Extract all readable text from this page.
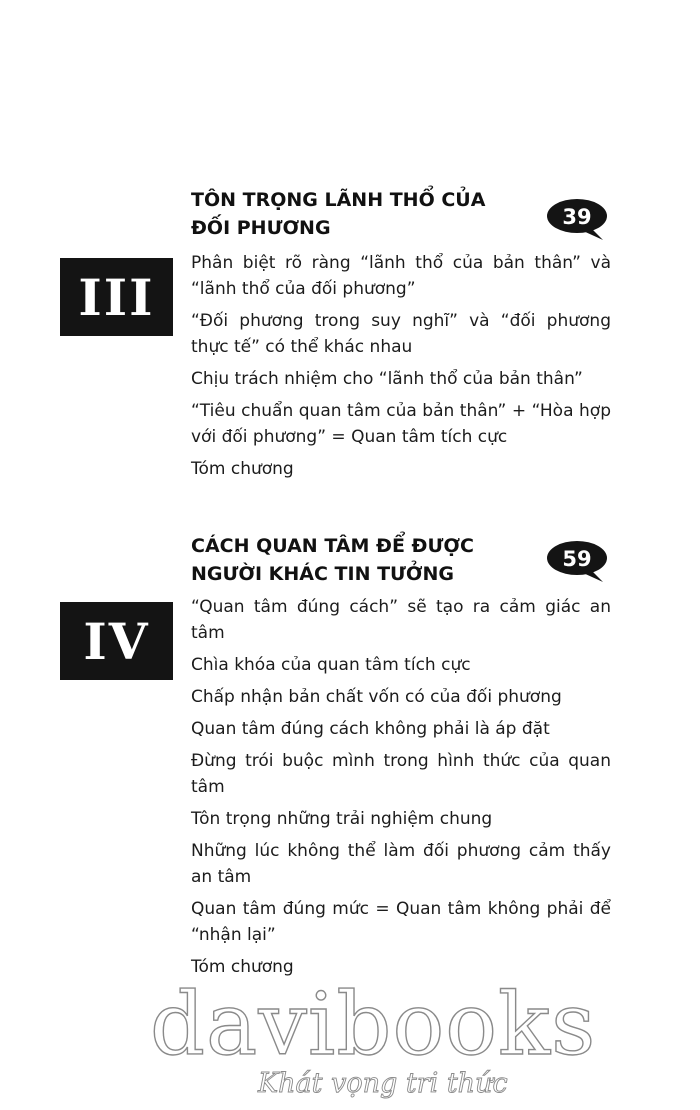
III
TÔN TRỌNG LÃNH THỔ CỦA ĐỐI PHƯƠNG	39
Phân biệt rõ ràng “lãnh thổ của bản thân” và “lãnh thổ của đối phương”
“Đối phương trong suy nghĩ” và “đối phương thực tế” có thể khác nhau
Chịu trách nhiệm cho “lãnh thổ của bản thân”
“Tiêu chuẩn quan tâm của bản thân” + “Hòa hợp với đối phương” = Quan tâm tích cực
Tóm chương
IV
CÁCH QUAN TÂM ĐỂ ĐƯỢC NGƯỜI KHÁC TIN TƯỞNG
59
“Quan tâm đúng cách” sẽ tạo ra cảm giác an tâm
Chìa khóa của quan tâm tích cực
Chấp nhận bản chất vốn có của đối phương
Quan tâm đúng cách không phải là áp đặt
Đừng trói buộc mình trong hình thức của quan tâm
Tôn trọng những trải nghiệm chung
Những lúc không thể làm đối phương cảm thấy an tâm
Quan tâm đúng mức = Quan tâm không phải để “nhận lại”
Tóm chương
davibooks
Khát vọng tri thức
